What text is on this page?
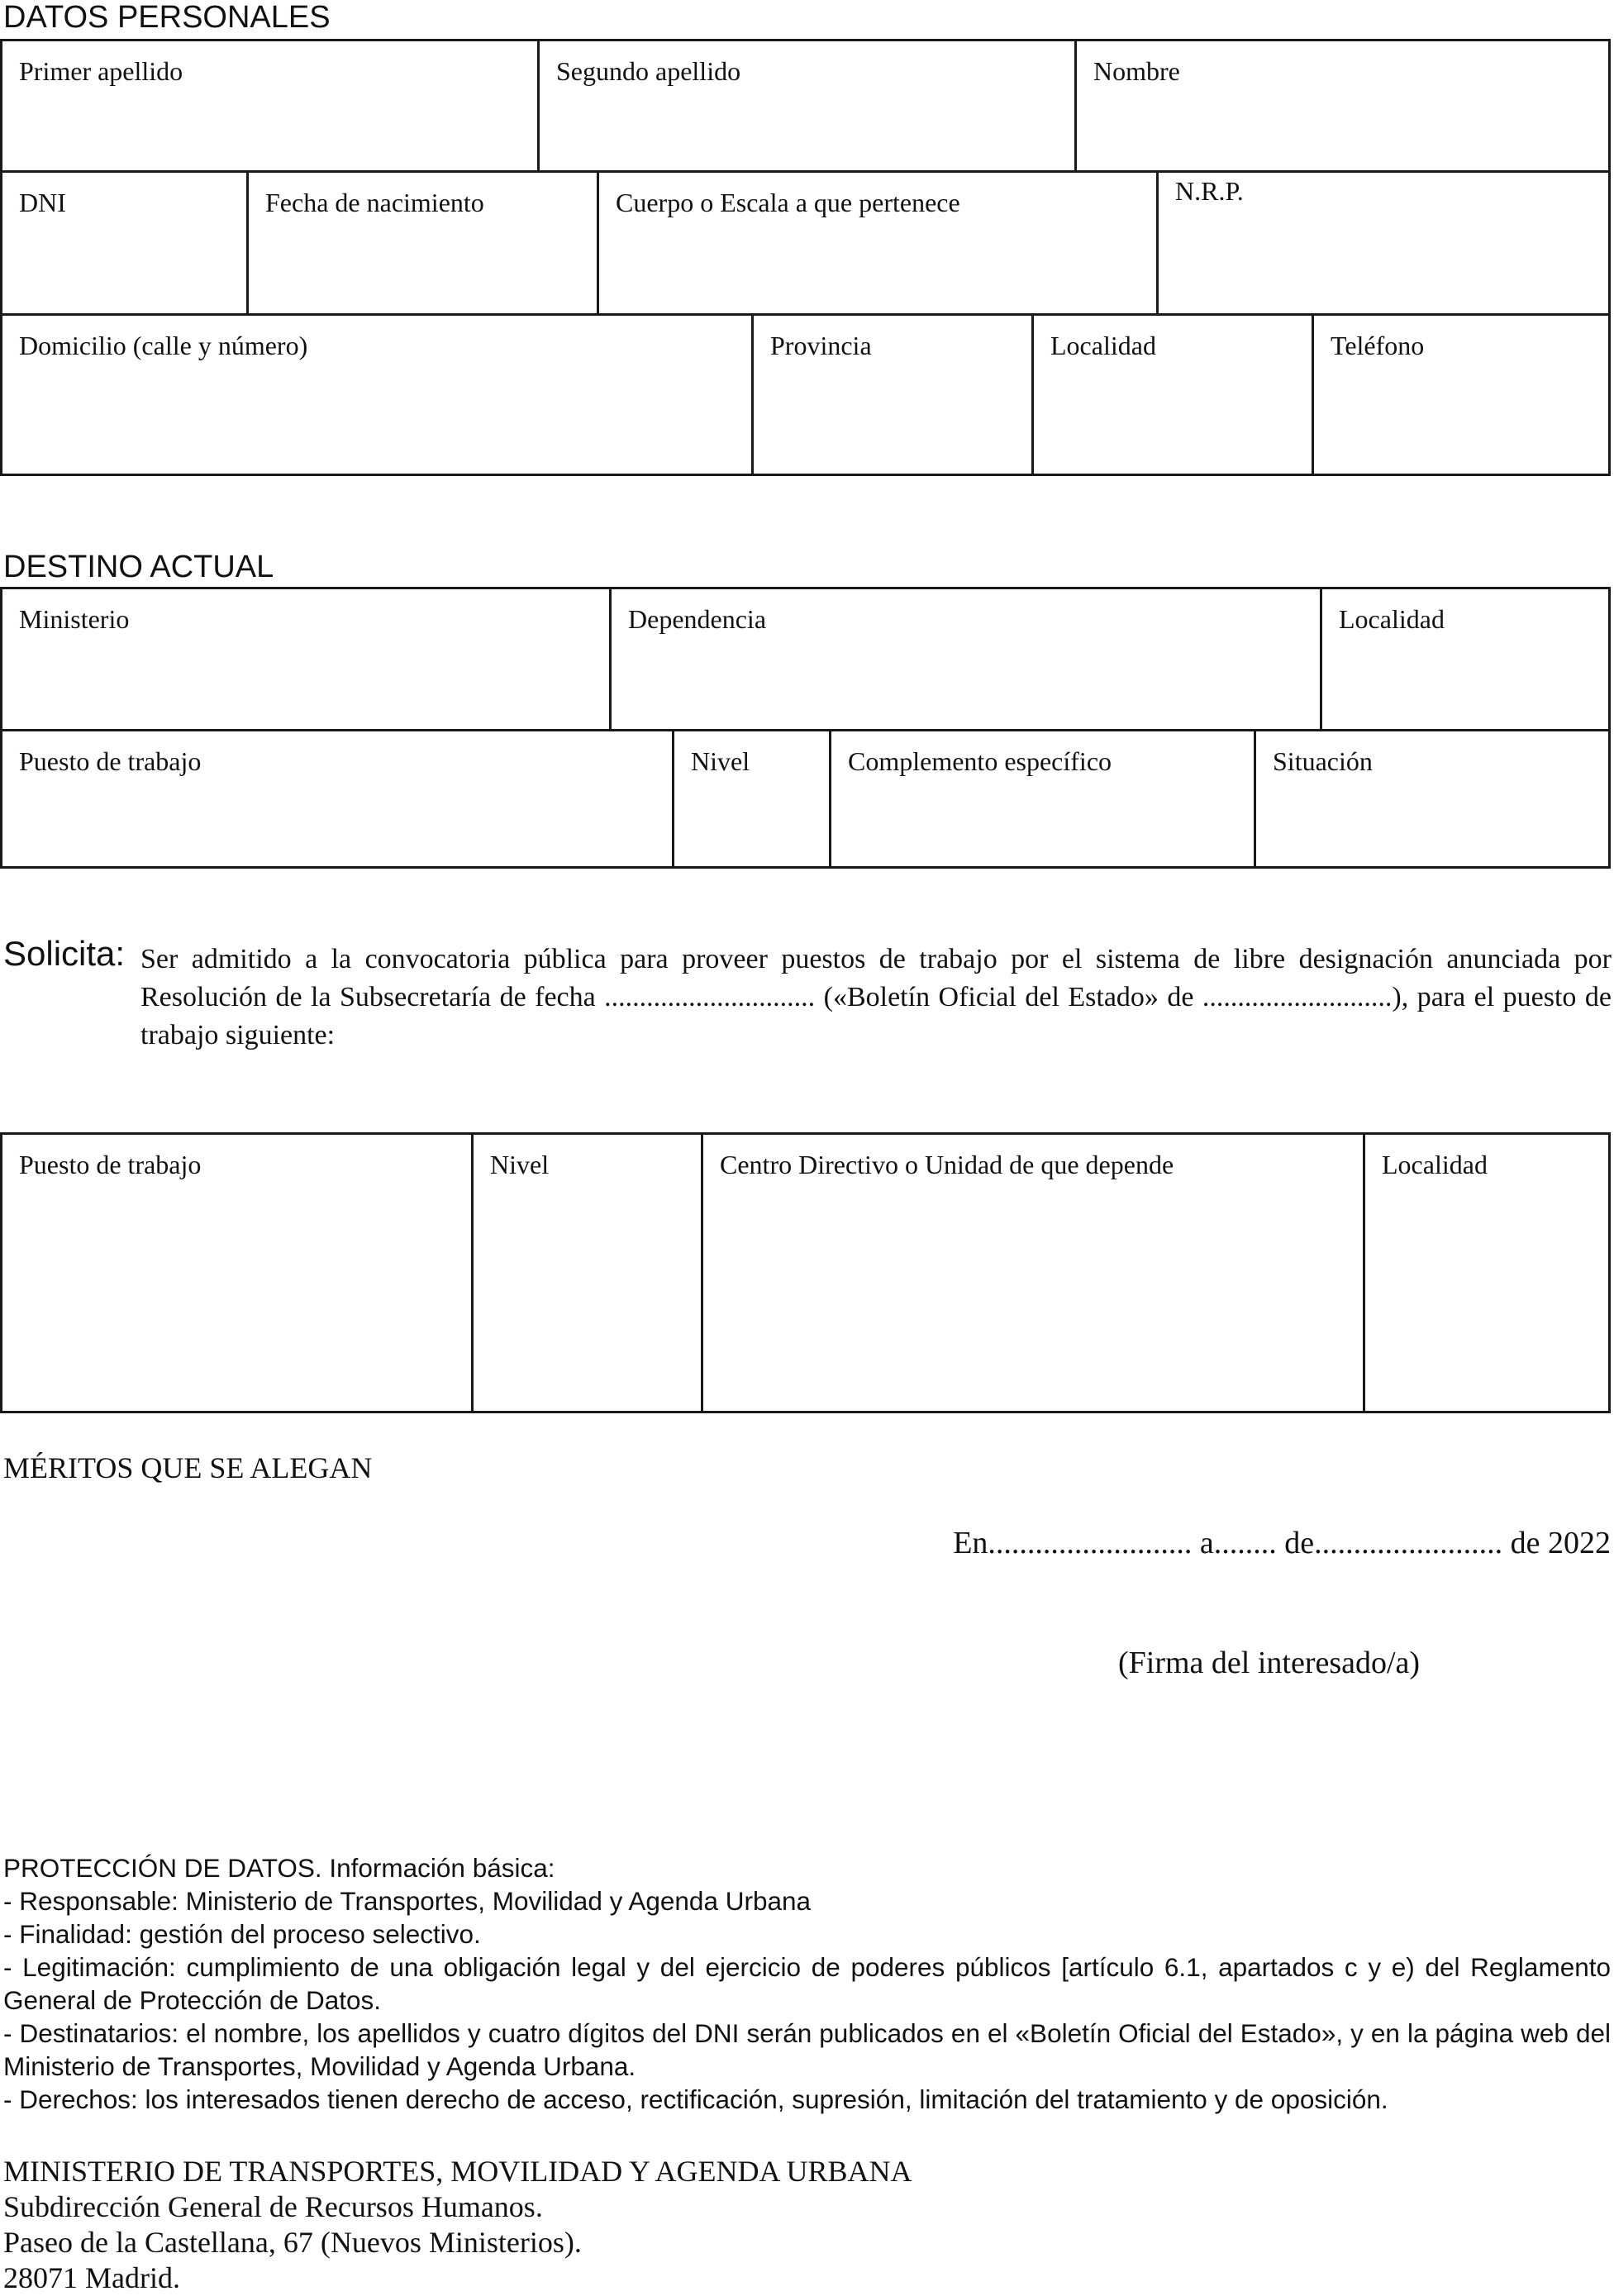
DATOS PERSONALES
Primer apellido	Segundo apellido	Nombre
DNI	Fecha de nacimiento	Cuerpo o Escala a que pertenece	N.R.P.
Domicilio (calle y número)	Provincia	Localidad	Teléfono
DESTINO ACTUAL
Ministerio	Dependencia	Localidad
Puesto de trabajo	Nivel	Complemento específico	Situación
Solicita: Ser admitido a la convocatoria pública para proveer puestos de trabajo por el sistema de libre designación anunciada por Resolución de la Subsecretaría de fecha .............................. («Boletín Oficial del Estado» de ...........................), para el puesto de trabajo siguiente:
Puesto de trabajo	Nivel	Centro Directivo o Unidad de que depende	Localidad
MÉRITOS QUE SE ALEGAN
En.......................... a........ de........................ de 2022
(Firma del interesado/a)

PROTECCIÓN DE DATOS. Información básica:

- Responsable: Ministerio de Transportes, Movilidad y Agenda Urbana

- Finalidad: gestión del proceso selectivo.

- Legitimación: cumplimiento de una obligación legal y del ejercicio de poderes públicos [artículo 6.1, apartados c y e) del Reglamento General de Protección de Datos.

- Destinatarios: el nombre, los apellidos y cuatro dígitos del DNI serán publicados en el «Boletín Oficial del Estado», y en la página web del Ministerio de Transportes, Movilidad y Agenda Urbana.

- Derechos: los interesados tienen derecho de acceso, rectificación, supresión, limitación del tratamiento y de oposición.

MINISTERIO DE TRANSPORTES, MOVILIDAD Y AGENDA URBANA

Subdirección General de Recursos Humanos.

Paseo de la Castellana, 67 (Nuevos Ministerios).

28071 Madrid.
